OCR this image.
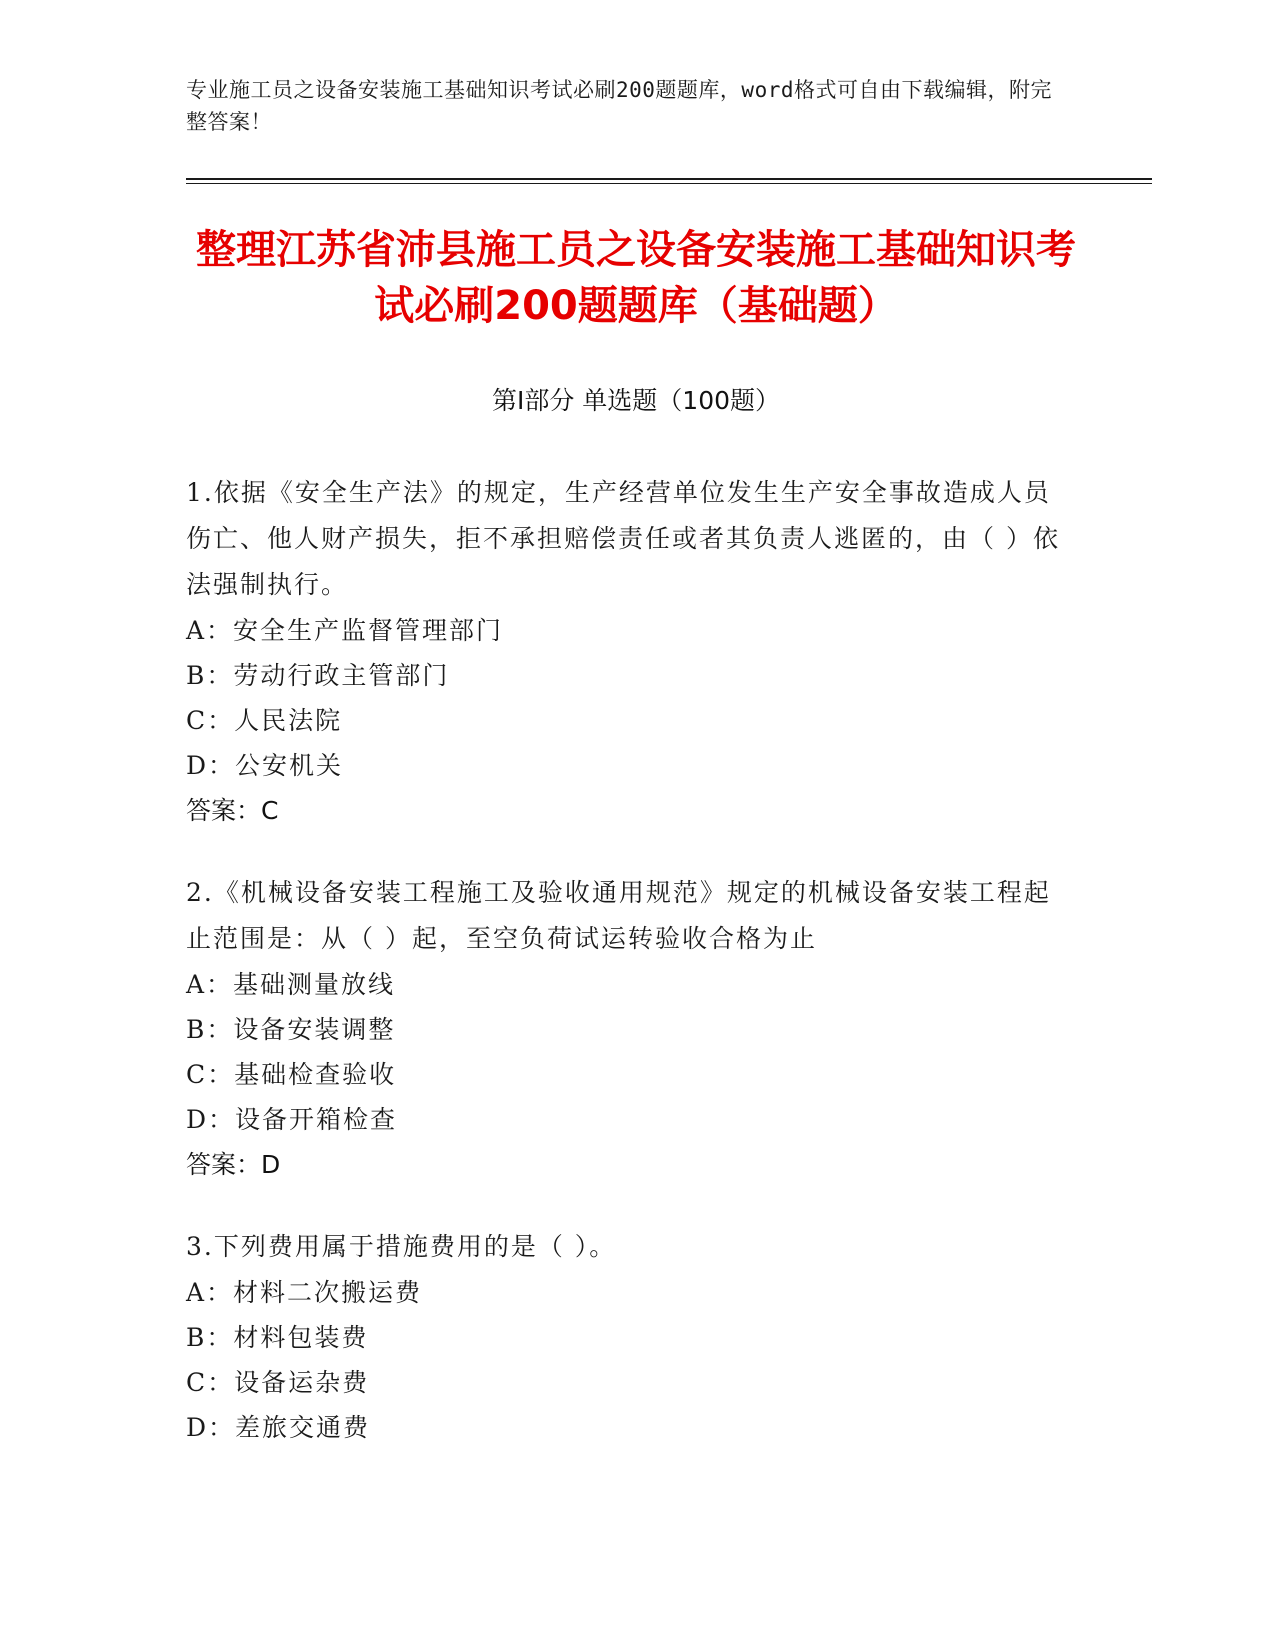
专业施工员之设备安装施工基础知识考试必刷200题题库，word格式可自由下载编辑，附完整答案！
整理江苏省沛县施工员之设备安装施工基础知识考试必刷200题题库（基础题）
第Ⅰ部分 单选题（100题）

1.依据《安全生产法》的规定，生产经营单位发生生产安全事故造成人员伤亡、他人财产损失，拒不承担赔偿责任或者其负责人逃匿的，由（ ）依法强制执行。

A：安全生产监督管理部门

B：劳动行政主管部门

C：人民法院

D：公安机关

答案：C

2.《机械设备安装工程施工及验收通用规范》规定的机械设备安装工程起止范围是：从（ ）起，至空负荷试运转验收合格为止

A：基础测量放线

B：设备安装调整

C：基础检查验收

D：设备开箱检查

答案：D

3.下列费用属于措施费用的是（ ）。

A：材料二次搬运费

B：材料包装费

C：设备运杂费

D：差旅交通费
